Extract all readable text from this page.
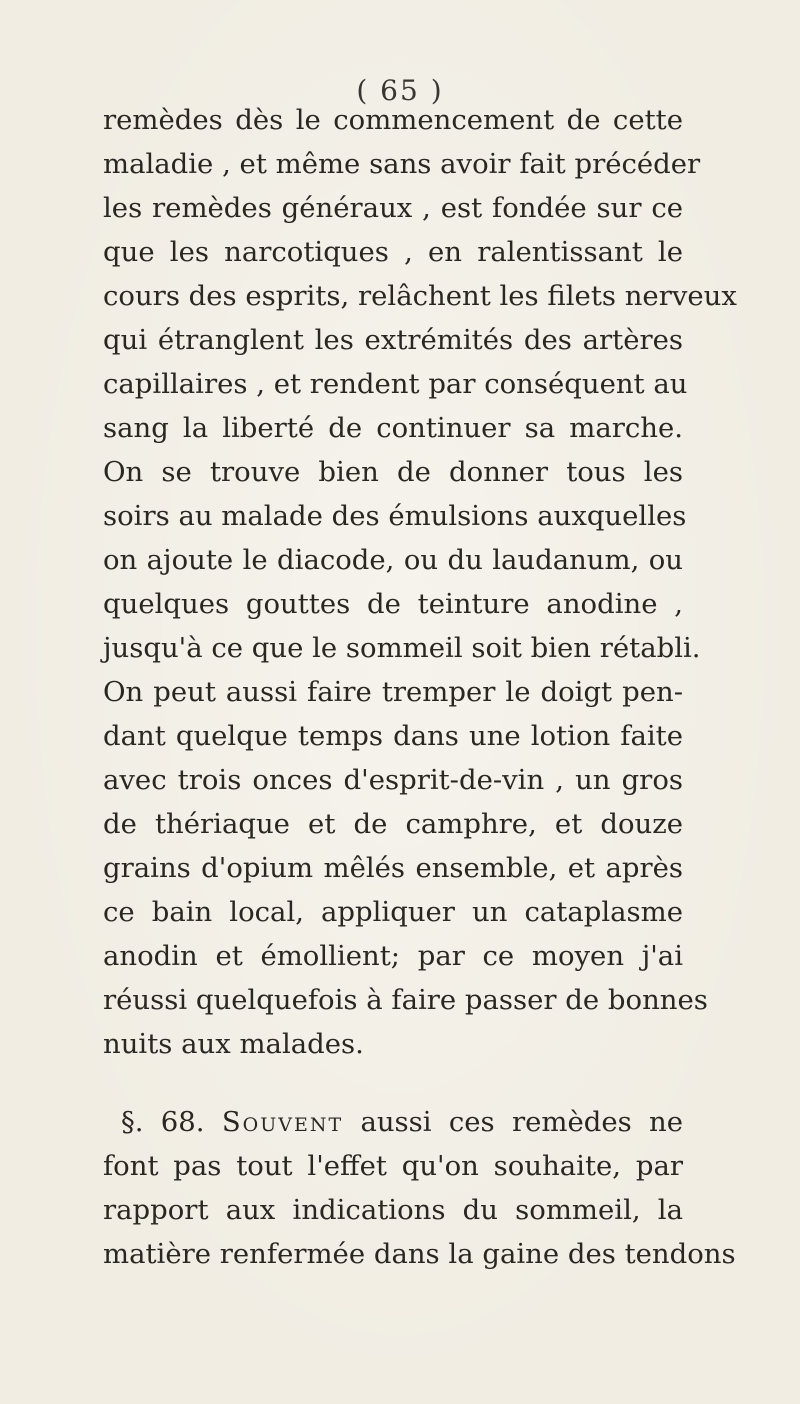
( 65 )
remèdes dès le commencement de cette
maladie , et même sans avoir fait précéder
les remèdes généraux , est fondée sur ce
que les narcotiques , en ralentissant le
cours des esprits, relâchent les filets nerveux
qui étranglent les extrémités des artères
capillaires , et rendent par conséquent au
sang la liberté de continuer sa marche.
On se trouve bien de donner tous les
soirs au malade des émulsions auxquelles
on ajoute le diacode, ou du laudanum, ou
quelques gouttes de teinture anodine ,
jusqu'à ce que le sommeil soit bien rétabli.
On peut aussi faire tremper le doigt pen-
dant quelque temps dans une lotion faite
avec trois onces d'esprit-de-vin , un gros
de thériaque et de camphre, et douze
grains d'opium mêlés ensemble, et après
ce bain local, appliquer un cataplasme
anodin et émollient; par ce moyen j'ai
réussi quelquefois à faire passer de bonnes
nuits aux malades.
§. 68. Souvent aussi ces remèdes ne
font pas tout l'effet qu'on souhaite, par
rapport aux indications du sommeil, la
matière renfermée dans la gaine des tendons
